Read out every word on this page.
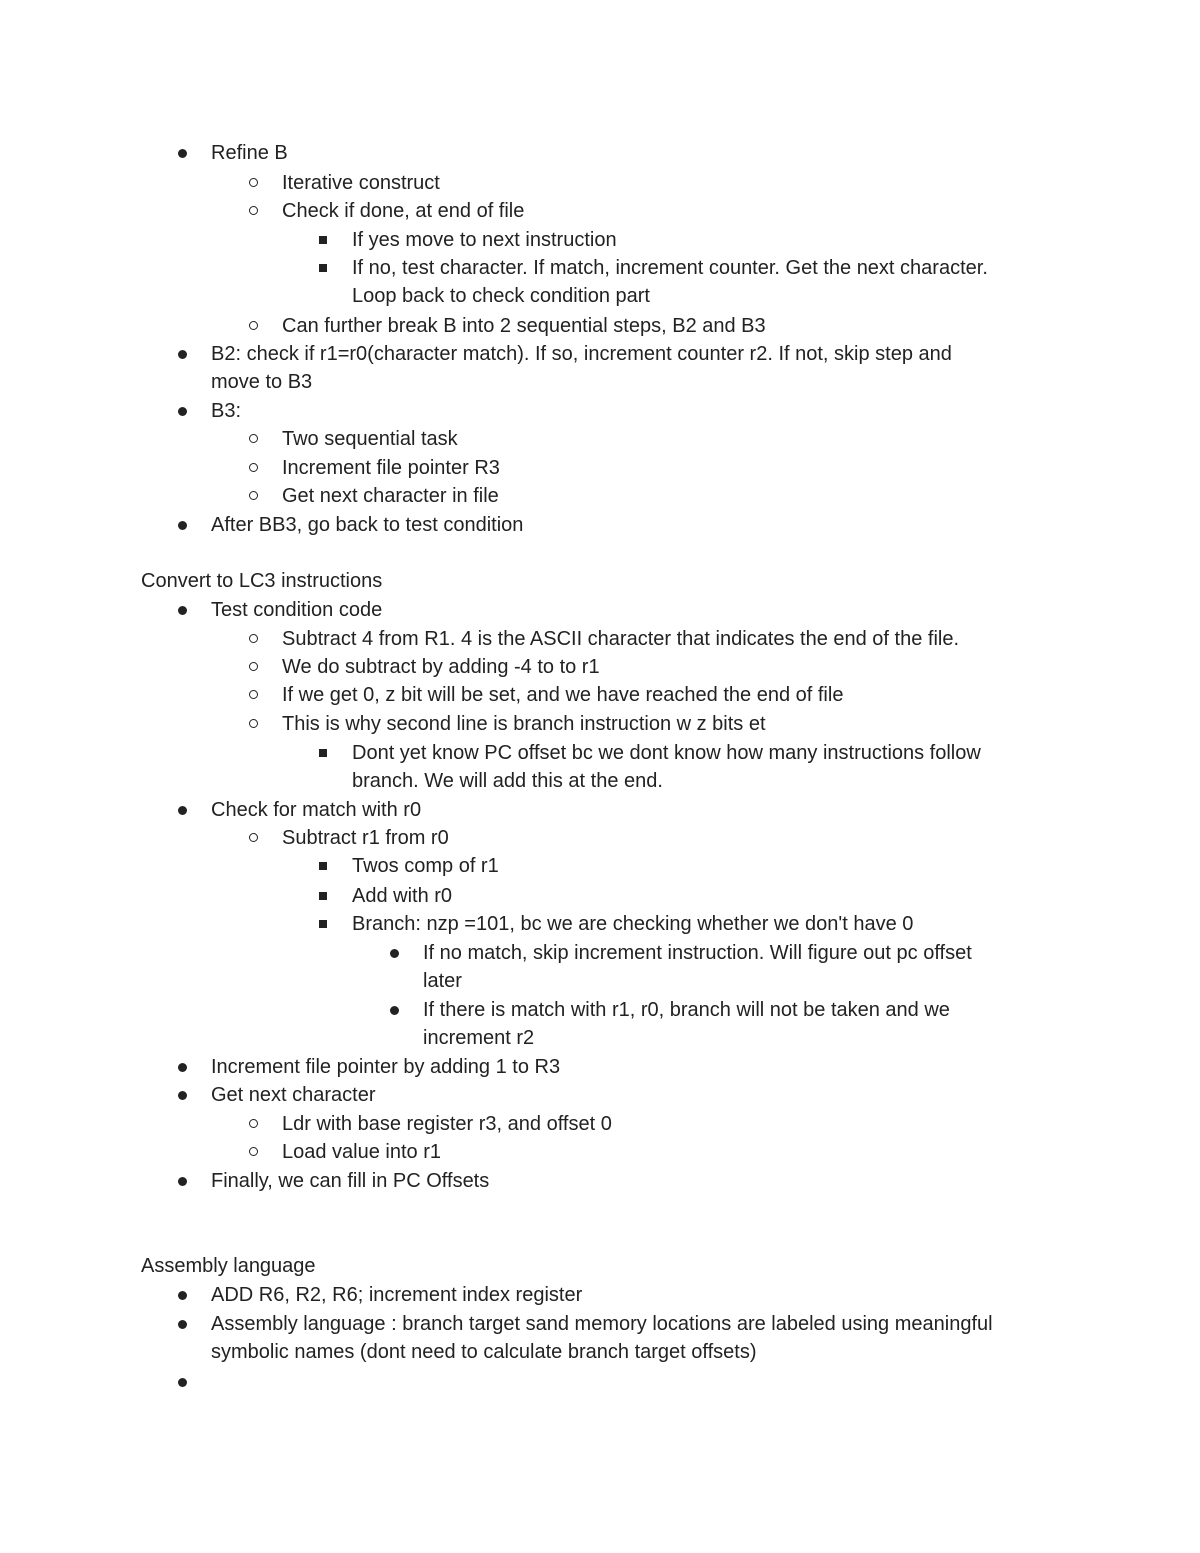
Refine B
Iterative construct
Check if done, at end of file
If yes move to next instruction
If no, test character. If match, increment counter. Get the next character.
Loop back to check condition part
Can further break B into 2 sequential steps, B2 and B3
B2: check if r1=r0(character match). If so, increment counter r2. If not, skip step and
move to B3
B3:
Two sequential task
Increment file pointer R3
Get next character in file
After BB3, go back to test condition
Convert to LC3 instructions
Test condition code
Subtract 4 from R1. 4 is the ASCII character that indicates the end of the file.
We do subtract by adding -4 to to r1
If we get 0, z bit will be set, and we have reached the end of file
This is why second line is branch instruction w z bits et
Dont yet know PC offset bc we dont know how many instructions follow
branch. We will add this at the end.
Check for match with r0
Subtract r1 from r0
Twos comp of r1
Add with r0
Branch: nzp =101, bc we are checking whether we don't have 0
If no match, skip increment instruction. Will figure out pc offset
later
If there is match with r1, r0, branch will not be taken and we
increment r2
Increment file pointer by adding 1 to R3
Get next character
Ldr with base register r3, and offset 0
Load value into r1
Finally, we can fill in PC Offsets
Assembly language
ADD R6, R2, R6; increment index register
Assembly language : branch target sand memory locations are labeled using meaningful
symbolic names (dont need to calculate branch target offsets)
